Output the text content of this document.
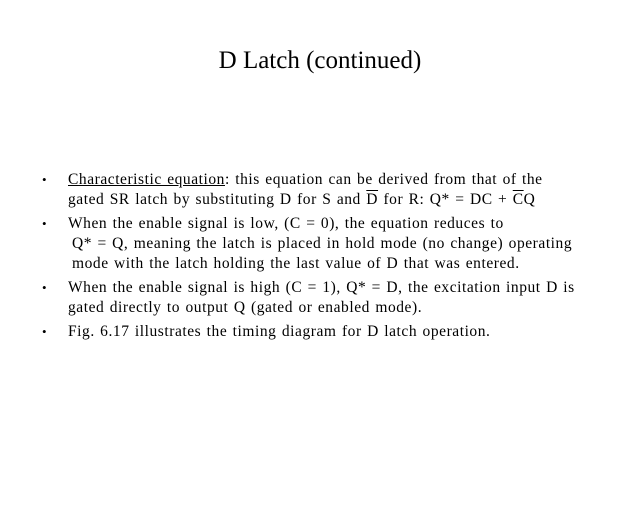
D Latch (continued)
• Characteristic equation: this equation can be derived from that of the gated SR latch by substituting D for S and $\overline{D}$ for R: Q* = DC + $\overline{C}Q$
• When the enable signal is low, (C = 0), the equation reduces to
Q* = Q, meaning the latch is placed in hold mode (no change) operating mode with the latch holding the last value of D that was entered.
• When the enable signal is high (C = 1), Q* = D, the excitation input D is gated directly to output Q (gated or enabled mode).
• Fig. 6.17 illustrates the timing diagram for D latch operation.
